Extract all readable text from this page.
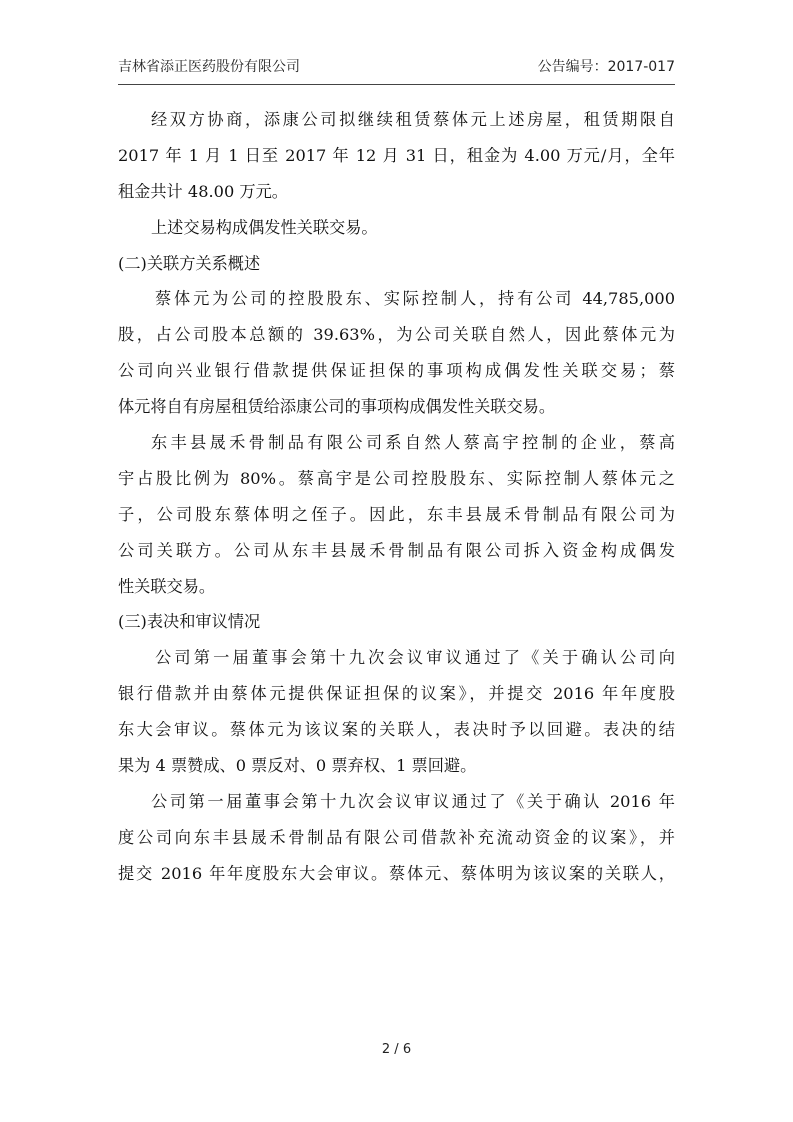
吉林省添正医药股份有限公司	公告编号：2017-017
经双方协商，添康公司拟继续租赁蔡体元上述房屋，租赁期限自
2017 年 1 月 1 日至 2017 年 12 月 31 日，租金为 4.00 万元/月，全年
租金共计 48.00 万元。
上述交易构成偶发性关联交易。
(二)关联方关系概述
蔡体元为公司的控股股东、实际控制人，持有公司 44,785,000
股，占公司股本总额的 39.63%，为公司关联自然人，因此蔡体元为
公司向兴业银行借款提供保证担保的事项构成偶发性关联交易；蔡
体元将自有房屋租赁给添康公司的事项构成偶发性关联交易。
东丰县晟禾骨制品有限公司系自然人蔡高宇控制的企业，蔡高
宇占股比例为 80%。蔡高宇是公司控股股东、实际控制人蔡体元之
子，公司股东蔡体明之侄子。因此，东丰县晟禾骨制品有限公司为
公司关联方。公司从东丰县晟禾骨制品有限公司拆入资金构成偶发
性关联交易。
(三)表决和审议情况
公司第一届董事会第十九次会议审议通过了《关于确认公司向
银行借款并由蔡体元提供保证担保的议案》，并提交 2016 年年度股
东大会审议。蔡体元为该议案的关联人，表决时予以回避。表决的结
果为 4 票赞成、0 票反对、0 票弃权、1 票回避。
公司第一届董事会第十九次会议审议通过了《关于确认 2016 年
度公司向东丰县晟禾骨制品有限公司借款补充流动资金的议案》，并
提交 2016 年年度股东大会审议。蔡体元、蔡体明为该议案的关联人，
2 / 6
